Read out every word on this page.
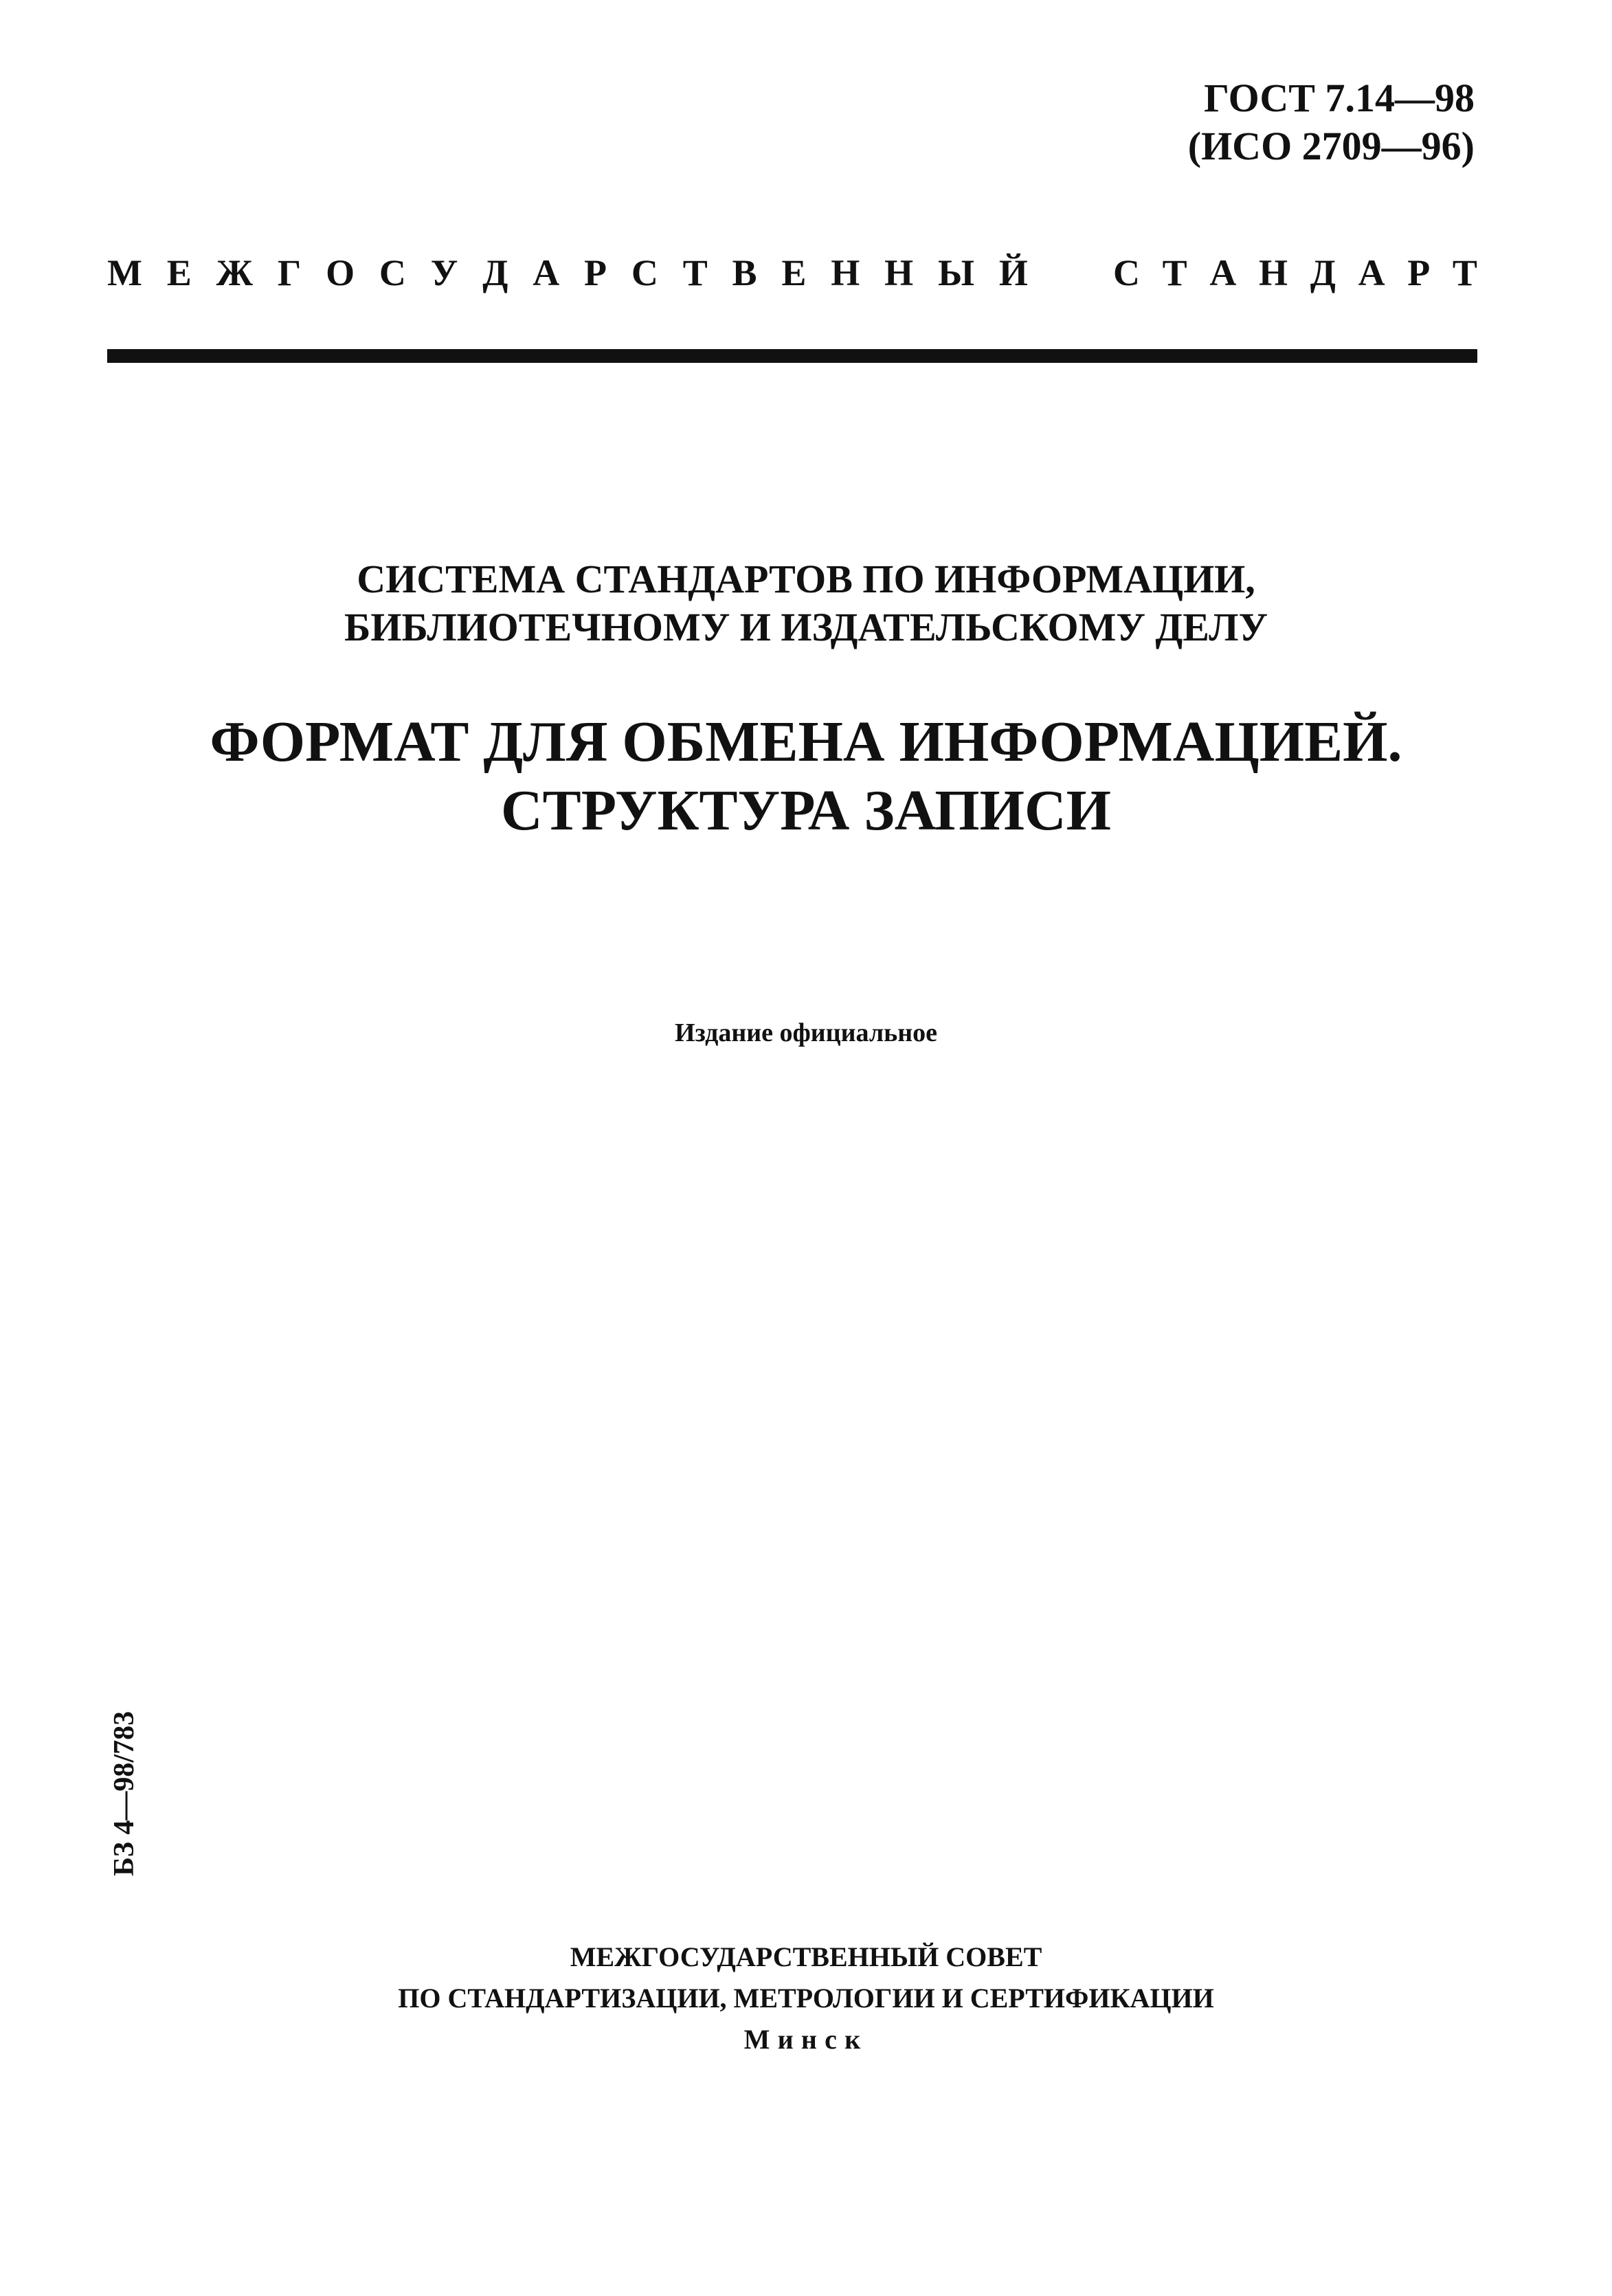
ГОСТ 7.14—98
(ИСО 2709—96)
М Е Ж Г О С У Д А Р С Т В Е Н Н Ы Й С Т А Н Д А Р Т
СИСТЕМА СТАНДАРТОВ ПО ИНФОРМАЦИИ,
БИБЛИОТЕЧНОМУ И ИЗДАТЕЛЬСКОМУ ДЕЛУ
ФОРМАТ ДЛЯ ОБМЕНА ИНФОРМАЦИЕЙ.
СТРУКТУРА ЗАПИСИ
Издание официальное
БЗ 4—98/783
МЕЖГОСУДАРСТВЕННЫЙ СОВЕТ
ПО СТАНДАРТИЗАЦИИ, МЕТРОЛОГИИ И СЕРТИФИКАЦИИ
Минск
